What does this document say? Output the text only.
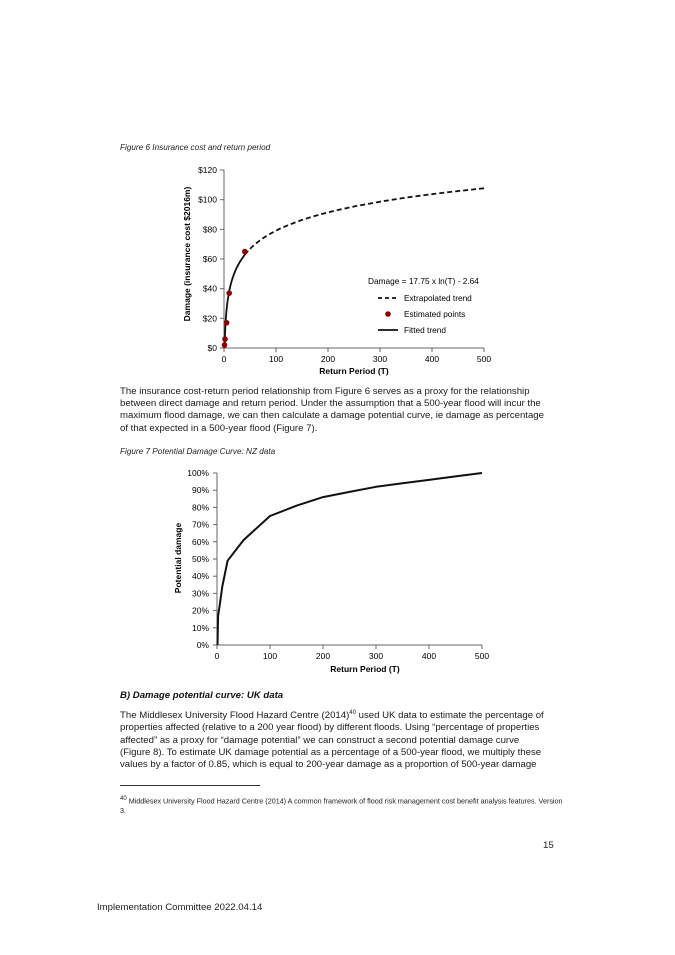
Figure 6 Insurance cost and return period
$0
$20
$40
$60
$80
$100
$120
0	100	200	300	400	500
Damage (insurance cost $2016m)
Return Period (T)
Damage = 17.75 x ln(T) - 2.64
Extrapolated trend
Estimated points
Fitted trend
The insurance cost-return period relationship from Figure 6 serves as a proxy for the relationship
between direct damage and return period. Under the assumption that a 500-year flood will incur the
maximum flood damage, we can then calculate a damage potential curve, ie damage as percentage
of that expected in a 500-year flood (Figure 7).
Figure 7 Potential Damage Curve: NZ data
0%
10%
20%
30%
40%
50%
60%
70%
80%
90%
100%
0	100	200	300	400	500
Potential damage
Return Period (T)
B) Damage potential curve: UK data
The Middlesex University Flood Hazard Centre $(2014)^{40}$ used UK data to estimate the percentage of
properties affected (relative to a 200 year flood) by different floods. Using “percentage of properties
affected” as a proxy for “damage potential” we can construct a second potential damage curve
(Figure 8). To estimate UK damage potential as a percentage of a 500-year flood, we multiply these
values by a factor of 0.85, which is equal to 200-year damage as a proportion of 500-year damage
$^{40}$ Middlesex University Flood Hazard Centre (2014) A common framework of flood risk management cost benefit analysis features. Version 3.
15
Implementation Committee 2022.04.14
